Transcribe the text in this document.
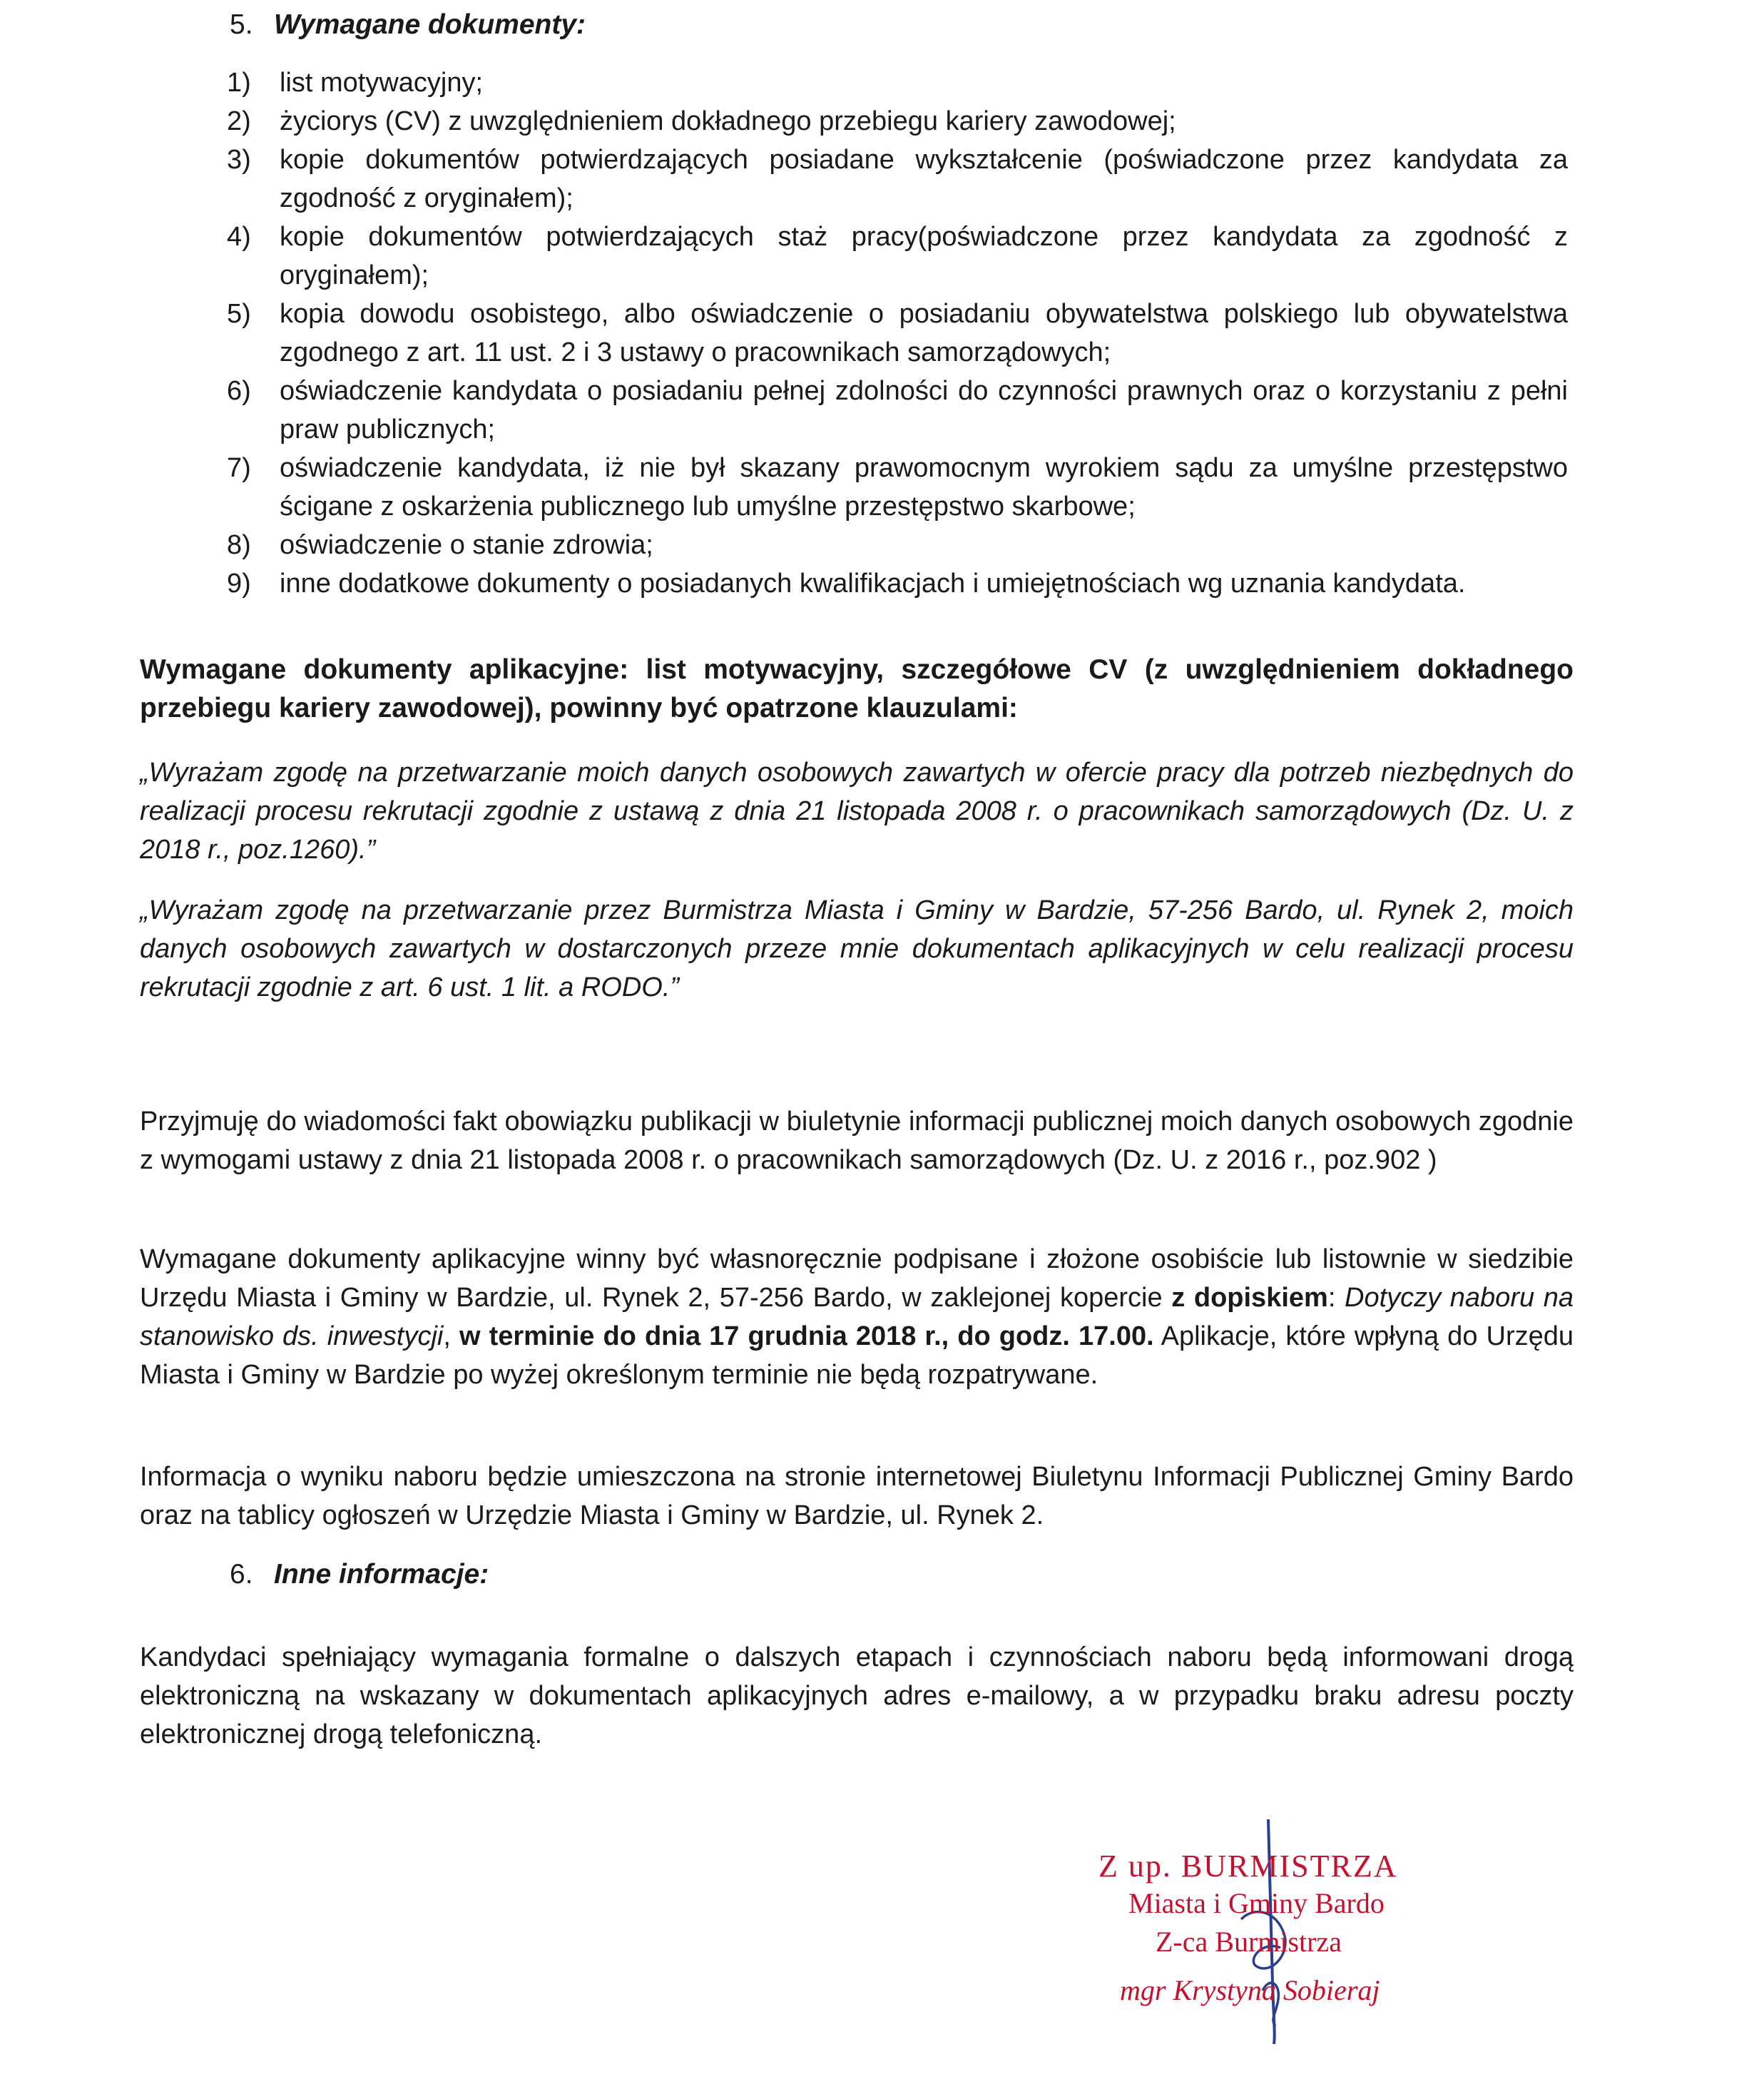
5. Wymagane dokumenty:
1) list motywacyjny;
2) życiorys (CV) z uwzględnieniem dokładnego przebiegu kariery zawodowej;
3) kopie dokumentów potwierdzających posiadane wykształcenie (poświadczone przez kandydata za zgodność z oryginałem);
4) kopie dokumentów potwierdzających staż pracy(poświadczone przez kandydata za zgodność z oryginałem);
5) kopia dowodu osobistego, albo oświadczenie o posiadaniu obywatelstwa polskiego lub obywatelstwa zgodnego z art. 11 ust. 2 i 3 ustawy o pracownikach samorządowych;
6) oświadczenie kandydata o posiadaniu pełnej zdolności do czynności prawnych oraz o korzystaniu z pełni praw publicznych;
7) oświadczenie kandydata, iż nie był skazany prawomocnym wyrokiem sądu za umyślne przestępstwo ścigane z oskarżenia publicznego lub umyślne przestępstwo skarbowe;
8) oświadczenie o stanie zdrowia;
9) inne dodatkowe dokumenty o posiadanych kwalifikacjach i umiejętnościach wg uznania kandydata.
Wymagane dokumenty aplikacyjne: list motywacyjny, szczegółowe CV (z uwzględnieniem dokładnego przebiegu kariery zawodowej), powinny być opatrzone klauzulami:
„Wyrażam zgodę na przetwarzanie moich danych osobowych zawartych w ofercie pracy dla potrzeb niezbędnych do realizacji procesu rekrutacji zgodnie z ustawą z dnia 21 listopada 2008 r. o pracownikach samorządowych (Dz. U. z 2018 r., poz.1260).”
„Wyrażam zgodę na przetwarzanie przez Burmistrza Miasta i Gminy w Bardzie, 57-256 Bardo, ul. Rynek 2, moich danych osobowych zawartych w dostarczonych przeze mnie dokumentach aplikacyjnych w celu realizacji procesu rekrutacji zgodnie z art. 6 ust. 1 lit. a RODO.”
Przyjmuję do wiadomości fakt obowiązku publikacji w biuletynie informacji publicznej moich danych osobowych zgodnie z wymogami ustawy z dnia 21 listopada 2008 r. o pracownikach samorządowych (Dz. U. z 2016 r., poz.902 )
Wymagane dokumenty aplikacyjne winny być własnoręcznie podpisane i złożone osobiście lub listownie w siedzibie Urzędu Miasta i Gminy w Bardzie, ul. Rynek 2, 57-256 Bardo, w zaklejonej kopercie z dopiskiem: Dotyczy naboru na stanowisko ds. inwestycji, w terminie do dnia 17 grudnia 2018 r., do godz. 17.00. Aplikacje, które wpłyną do Urzędu Miasta i Gminy w Bardzie po wyżej określonym terminie nie będą rozpatrywane.
Informacja o wyniku naboru będzie umieszczona na stronie internetowej Biuletynu Informacji Publicznej Gminy Bardo oraz na tablicy ogłoszeń w Urzędzie Miasta i Gminy w Bardzie, ul. Rynek 2.
6. Inne informacje:
Kandydaci spełniający wymagania formalne o dalszych etapach i czynnościach naboru będą informowani drogą elektroniczną na wskazany w dokumentach aplikacyjnych adres e-mailowy, a w przypadku braku adresu poczty elektronicznej drogą telefoniczną.
Z up. BURMISTRZA
Miasta i Gminy Bardo
Z-ca Burmistrza
mgr Krystyna Sobieraj
